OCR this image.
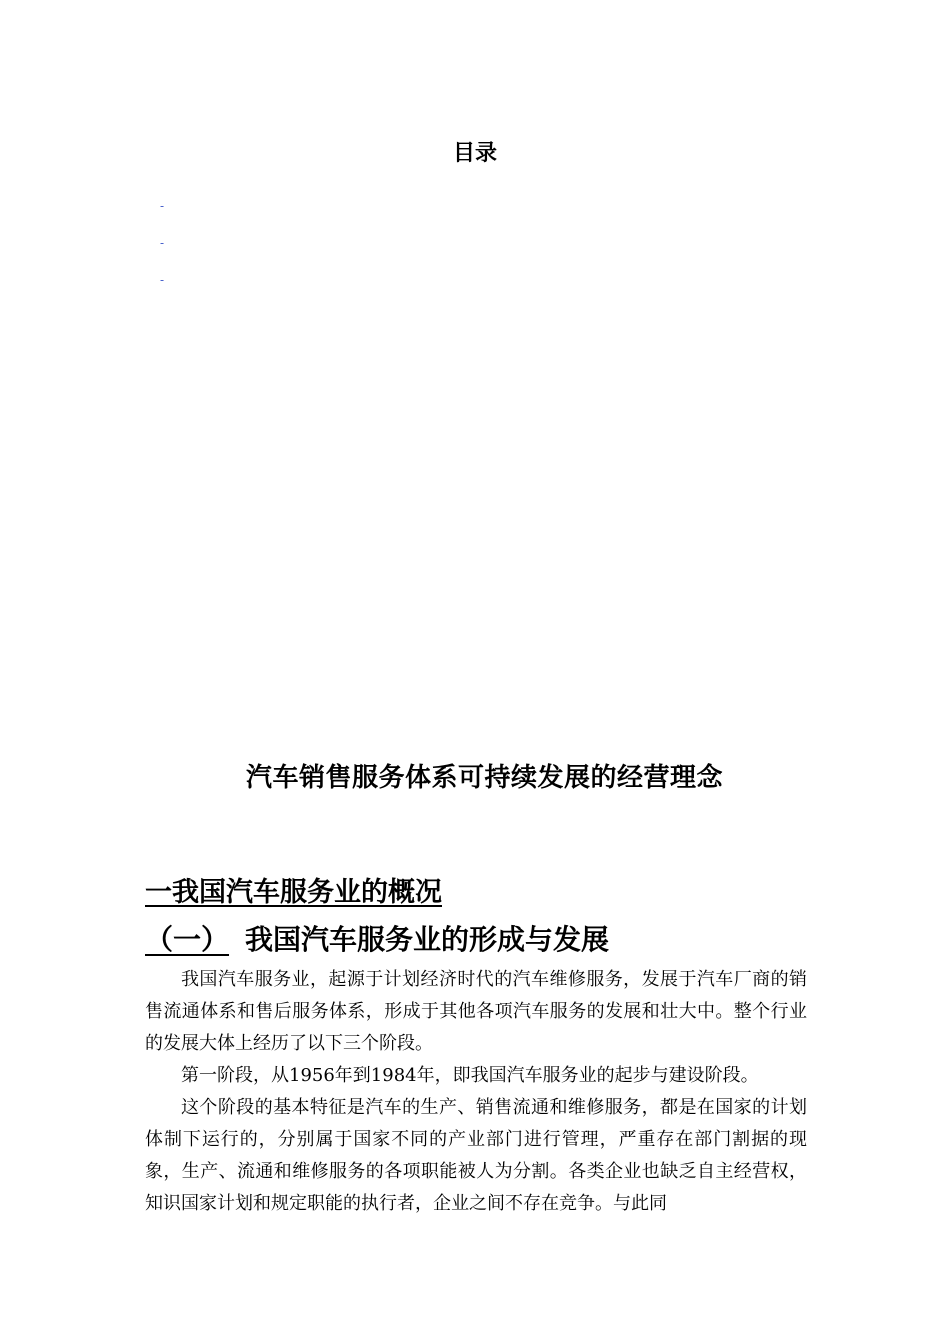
目录
-
-
-
汽车销售服务体系可持续发展的经营理念
一我国汽车服务业的概况
（一） 我国汽车服务业的形成与发展

我国汽车服务业，起源于计划经济时代的汽车维修服务，发展于汽车厂商的销售流通体系和售后服务体系，形成于其他各项汽车服务的发展和壮大中。整个行业的发展大体上经历了以下三个阶段。

第一阶段，从1956年到1984年，即我国汽车服务业的起步与建设阶段。

这个阶段的基本特征是汽车的生产、销售流通和维修服务，都是在国家的计划体制下运行的，分别属于国家不同的产业部门进行管理，严重存在部门割据的现象，生产、流通和维修服务的各项职能被人为分割。各类企业也缺乏自主经营权，知识国家计划和规定职能的执行者，企业之间不存在竞争。与此同
